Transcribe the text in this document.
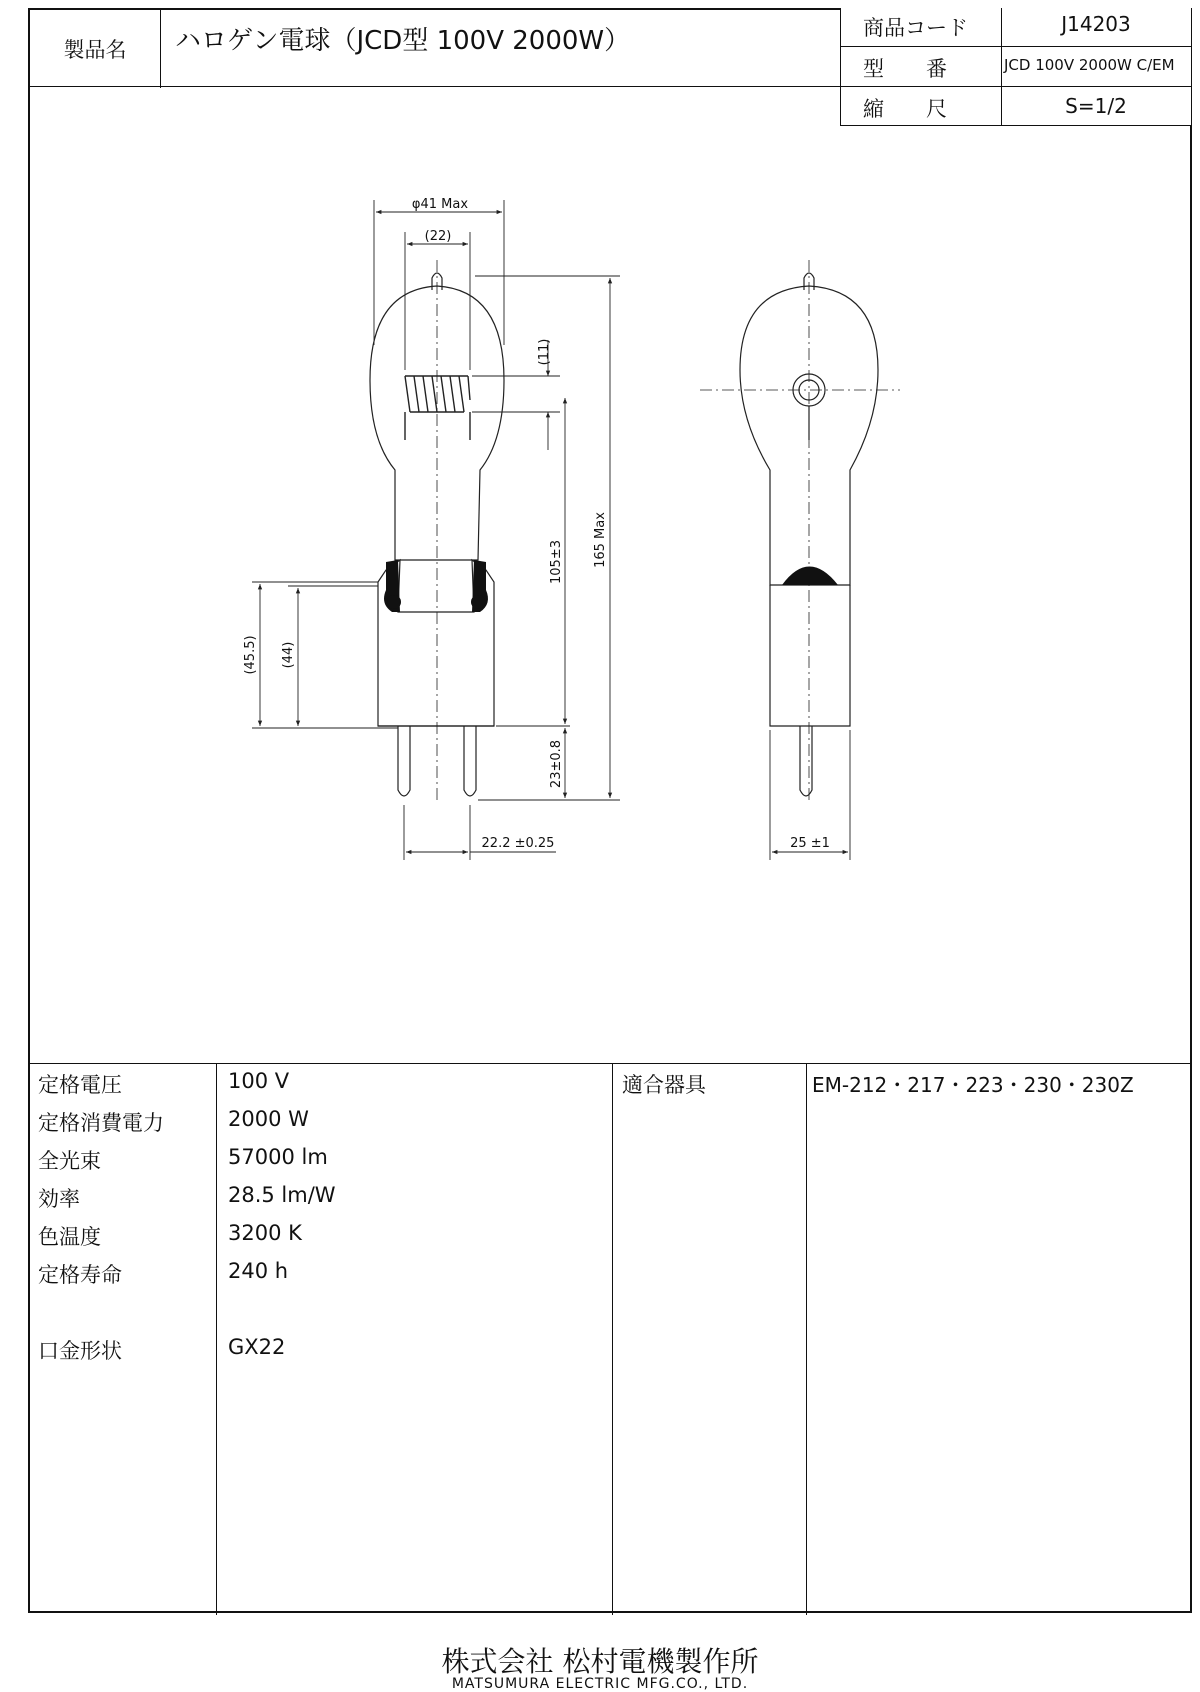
製品名	ハロゲン電球（JCD型 100V 2000W）	商品コード	J14203
型　　番	JCD 100V 2000W C/EM
縮　　尺	S=1/2
φ41 Max
(22)
(11)
165 Max
105±3
23±0.8
(45.5) (44)
22.2 ±0.25	25 ±1
定格電圧	100 V
定格消費電力	2000 W
全光束	57000 lm
効率	28.5 lm/W
色温度	3200 K
定格寿命	240 h
口金形状	GX22
適合器具	EM-212・217・223・230・230Z
株式会社 松村電機製作所
MATSUMURA ELECTRIC MFG.CO., LTD.
